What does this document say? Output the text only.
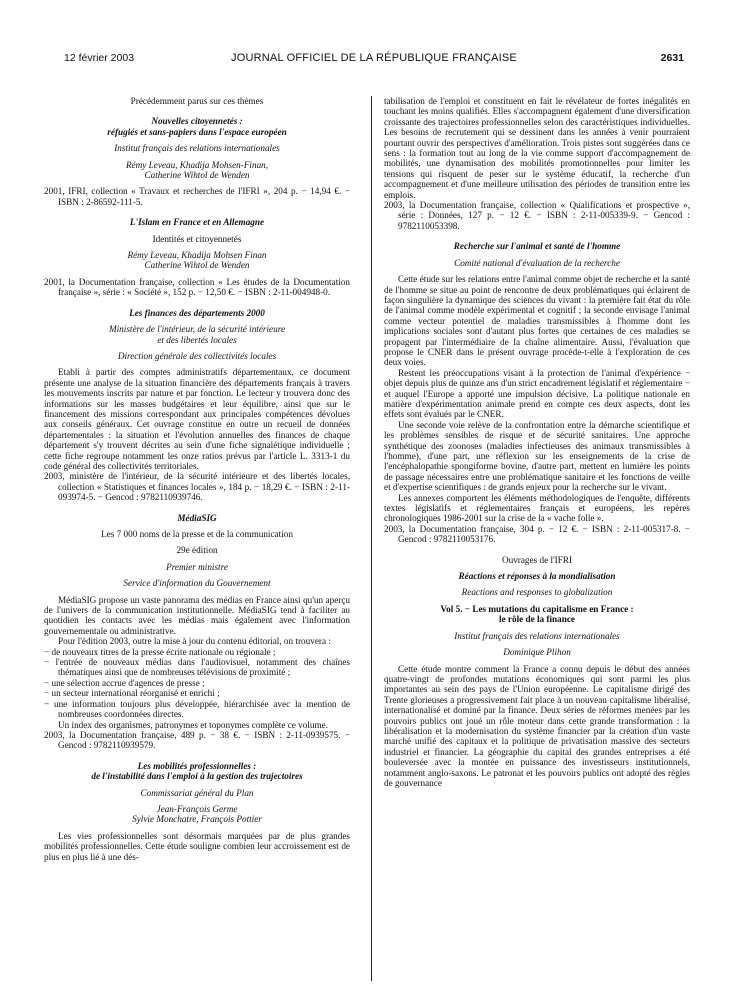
12 février 2003	JOURNAL OFFICIEL DE LA RÉPUBLIQUE FRANÇAISE	2631

Précédemment parus sur ces thèmes

Nouvelles citoyennetés :

réfugiés et sans-papiers dans l'espace européen

Institut français des relations internationales

Rémy Leveau, Khadija Mohsen-Finan,

Catherine Wihtol de Wenden

2001, IFRI, collection « Travaux et recherches de l'IFRI », 204 p. − 14,94 €. − ISBN : 2-86592-111-5.

L'Islam en France et en Allemagne

Identités et citoyennetés

Rémy Leveau, Khadija Mohsen Finan

Catherine Wihtol de Wenden

2001, la Documentation française, collection « Les études de la Documentation française », série : « Société », 152 p. − 12,50 €. − ISBN : 2-11-004948-0.

Les finances des départements 2000

Ministère de l'intérieur, de la sécurité intérieure

et des libertés locales

Direction générale des collectivités locales

Etabli à partir des comptes administratifs départementaux, ce document présente une analyse de la situation financière des départements français à travers les mouvements inscrits par nature et par fonction. Le lecteur y trouvera donc des informations sur les masses budgétaires et leur équilibre, ainsi que sur le financement des missions correspondant aux principales compétences dévolues aux conseils généraux. Cet ouvrage constitue en outre un recueil de données départementales : la situation et l'évolution annuelles des finances de chaque département s'y trouvent décrites au sein d'une fiche signalétique individuelle ; cette fiche regroupe notamment les onze ratios prévus par l'article L. 3313-1 du code général des collectivités territoriales.

2003, ministère de l'intérieur, de la sécurité intérieure et des libertés locales, collection « Statistiques et finances locales », 184 p. − 18,29 €. − ISBN : 2-11-093974-5. − Gencod : 9782110939746.

MédiaSIG

Les 7 000 noms de la presse et de la communication

29e édition

Premier ministre

Service d'information du Gouvernement

MédiaSIG propose un vaste panorama des médias en France ainsi qu'un aperçu de l'univers de la communication institutionnelle. MédiaSIG tend à faciliter au quotidien les contacts avec les médias mais également avec l'information gouvernementale ou administrative.

Pour l'édition 2003, outre la mise à jour du contenu éditorial, on trouvera :

− de nouveaux titres de la presse écrite nationale ou régionale ;

− l'entrée de nouveaux médias dans l'audiovisuel, notamment des chaînes thématiques ainsi que de nombreuses télévisions de proximité ;

− une sélection accrue d'agences de presse ;

− un secteur international réorganisé et enrichi ;

− une information toujours plus développée, hiérarchisée avec la mention de nombreuses coordonnées directes.

Un index des organismes, patronymes et toponymes complète ce volume.

2003, la Documentation française, 489 p. − 38 €. − ISBN : 2-11-0939575. − Gencod : 9782110939579.

Les mobilités professionnelles :

de l'instabilité dans l'emploi à la gestion des trajectoires

Commissariat général du Plan

Jean-François Germe

Sylvie Monchatre, François Pottier

Les vies professionnelles sont désormais marquées par de plus grandes mobilités professionnelles. Cette étude souligne combien leur accroissement est de plus en plus lié à une dés-

tabilisation de l'emploi et constituent en fait le révélateur de fortes inégalités en touchant les moins qualifiés. Elles s'accompagnent également d'une diversification croissante des trajectoires professionnelles selon des caractéristiques individuelles. Les besoins de recrutement qui se dessinent dans les années à venir pourraient pourtant ouvrir des perspectives d'amélioration. Trois pistes sont suggérées dans ce sens : la formation tout au long de la vie comme support d'accompagnement de mobilités, une dynamisation des mobilités promotionnelles pour limiter les tensions qui risquent de peser sur le système éducatif, la recherche d'un accompagnement et d'une meilleure utilisation des périodes de transition entre les emplois.

2003, la Documentation française, collection « Qualifications et prospective », série : Données, 127 p. − 12 €. − ISBN : 2-11-005339-9. − Gencod : 9782110053398.

Recherche sur l'animal et santé de l'homme

Comité national d'évaluation de la recherche

Cette étude sur les relations entre l'animal comme objet de recherche et la santé de l'homme se situe au point de rencontre de deux problématiques qui éclairent de façon singulière la dynamique des sciences du vivant : la première fait état du rôle de l'animal comme modèle expérimental et cognitif ; la seconde envisage l'animal comme vecteur potentiel de maladies transmissibles à l'homme dont les implications sociales sont d'autant plus fortes que certaines de ces maladies se propagent par l'intermédiaire de la chaîne alimentaire. Aussi, l'évaluation que propose le CNER dans le présent ouvrage procède-t-elle à l'exploration de ces deux voies.

Restent les préoccupations visant à la protection de l'animal d'expérience − objet depuis plus de quinze ans d'un strict encadrement législatif et réglementaire − et auquel l'Europe a apporté une impulsion décisive. La politique nationale en matière d'expérimentation animale prend en compte ces deux aspects, dont les effets sont évalués par le CNER.

Une seconde voie relève de la confrontation entre la démarche scientifique et les problèmes sensibles de risque et de sécurité sanitaires. Une approche synthétique des zoonoses (maladies infectieuses des animaux transmissibles à l'homme), d'une part, une réflexion sur les enseignements de la crise de l'encéphalopathie spongiforme bovine, d'autre part, mettent en lumière les points de passage nécessaires entre une problématique sanitaire et les fonctions de veille et d'expertise scientifiques : de grands enjeux pour la recherche sur le vivant.

Les annexes comportent les éléments méthodologiques de l'enquête, différents textes législatifs et réglementaires français et européens, les repères chronologiques 1986-2001 sur la crise de la « vache folle ».

2003, la Documentation française, 304 p. − 12 €. − ISBN : 2-11-005317-8. − Gencod : 9782110053176.

Ouvrages de l'IFRI

Réactions et réponses à la mondialisation

Reactions and responses to globalization

Vol 5. − Les mutations du capitalisme en France :

le rôle de la finance

Institut français des relations internationales

Dominique Plihon

Cette étude montre comment la France a connu depuis le début des années quatre-vingt de profondes mutations économiques qui sont parmi les plus importantes au sein des pays de l'Union européenne. Le capitalisme dirigé des Trente glorieuses a progressivement fait place à un nouveau capitalisme libéralisé, internationalisé et dominé par la finance. Deux séries de réformes menées par les pouvoirs publics ont joué un rôle moteur dans cette grande transformation : la libéralisation et la modernisation du système financier par la création d'un vaste marché unifié des capitaux et la politique de privatisation massive des secteurs industriel et financier. La géographie du capital des grandes entreprises a été bouleversée avec la montée en puissance des investisseurs institutionnels, notamment anglo-saxons. Le patronat et les pouvoirs publics ont adopté des règles de gouvernance
